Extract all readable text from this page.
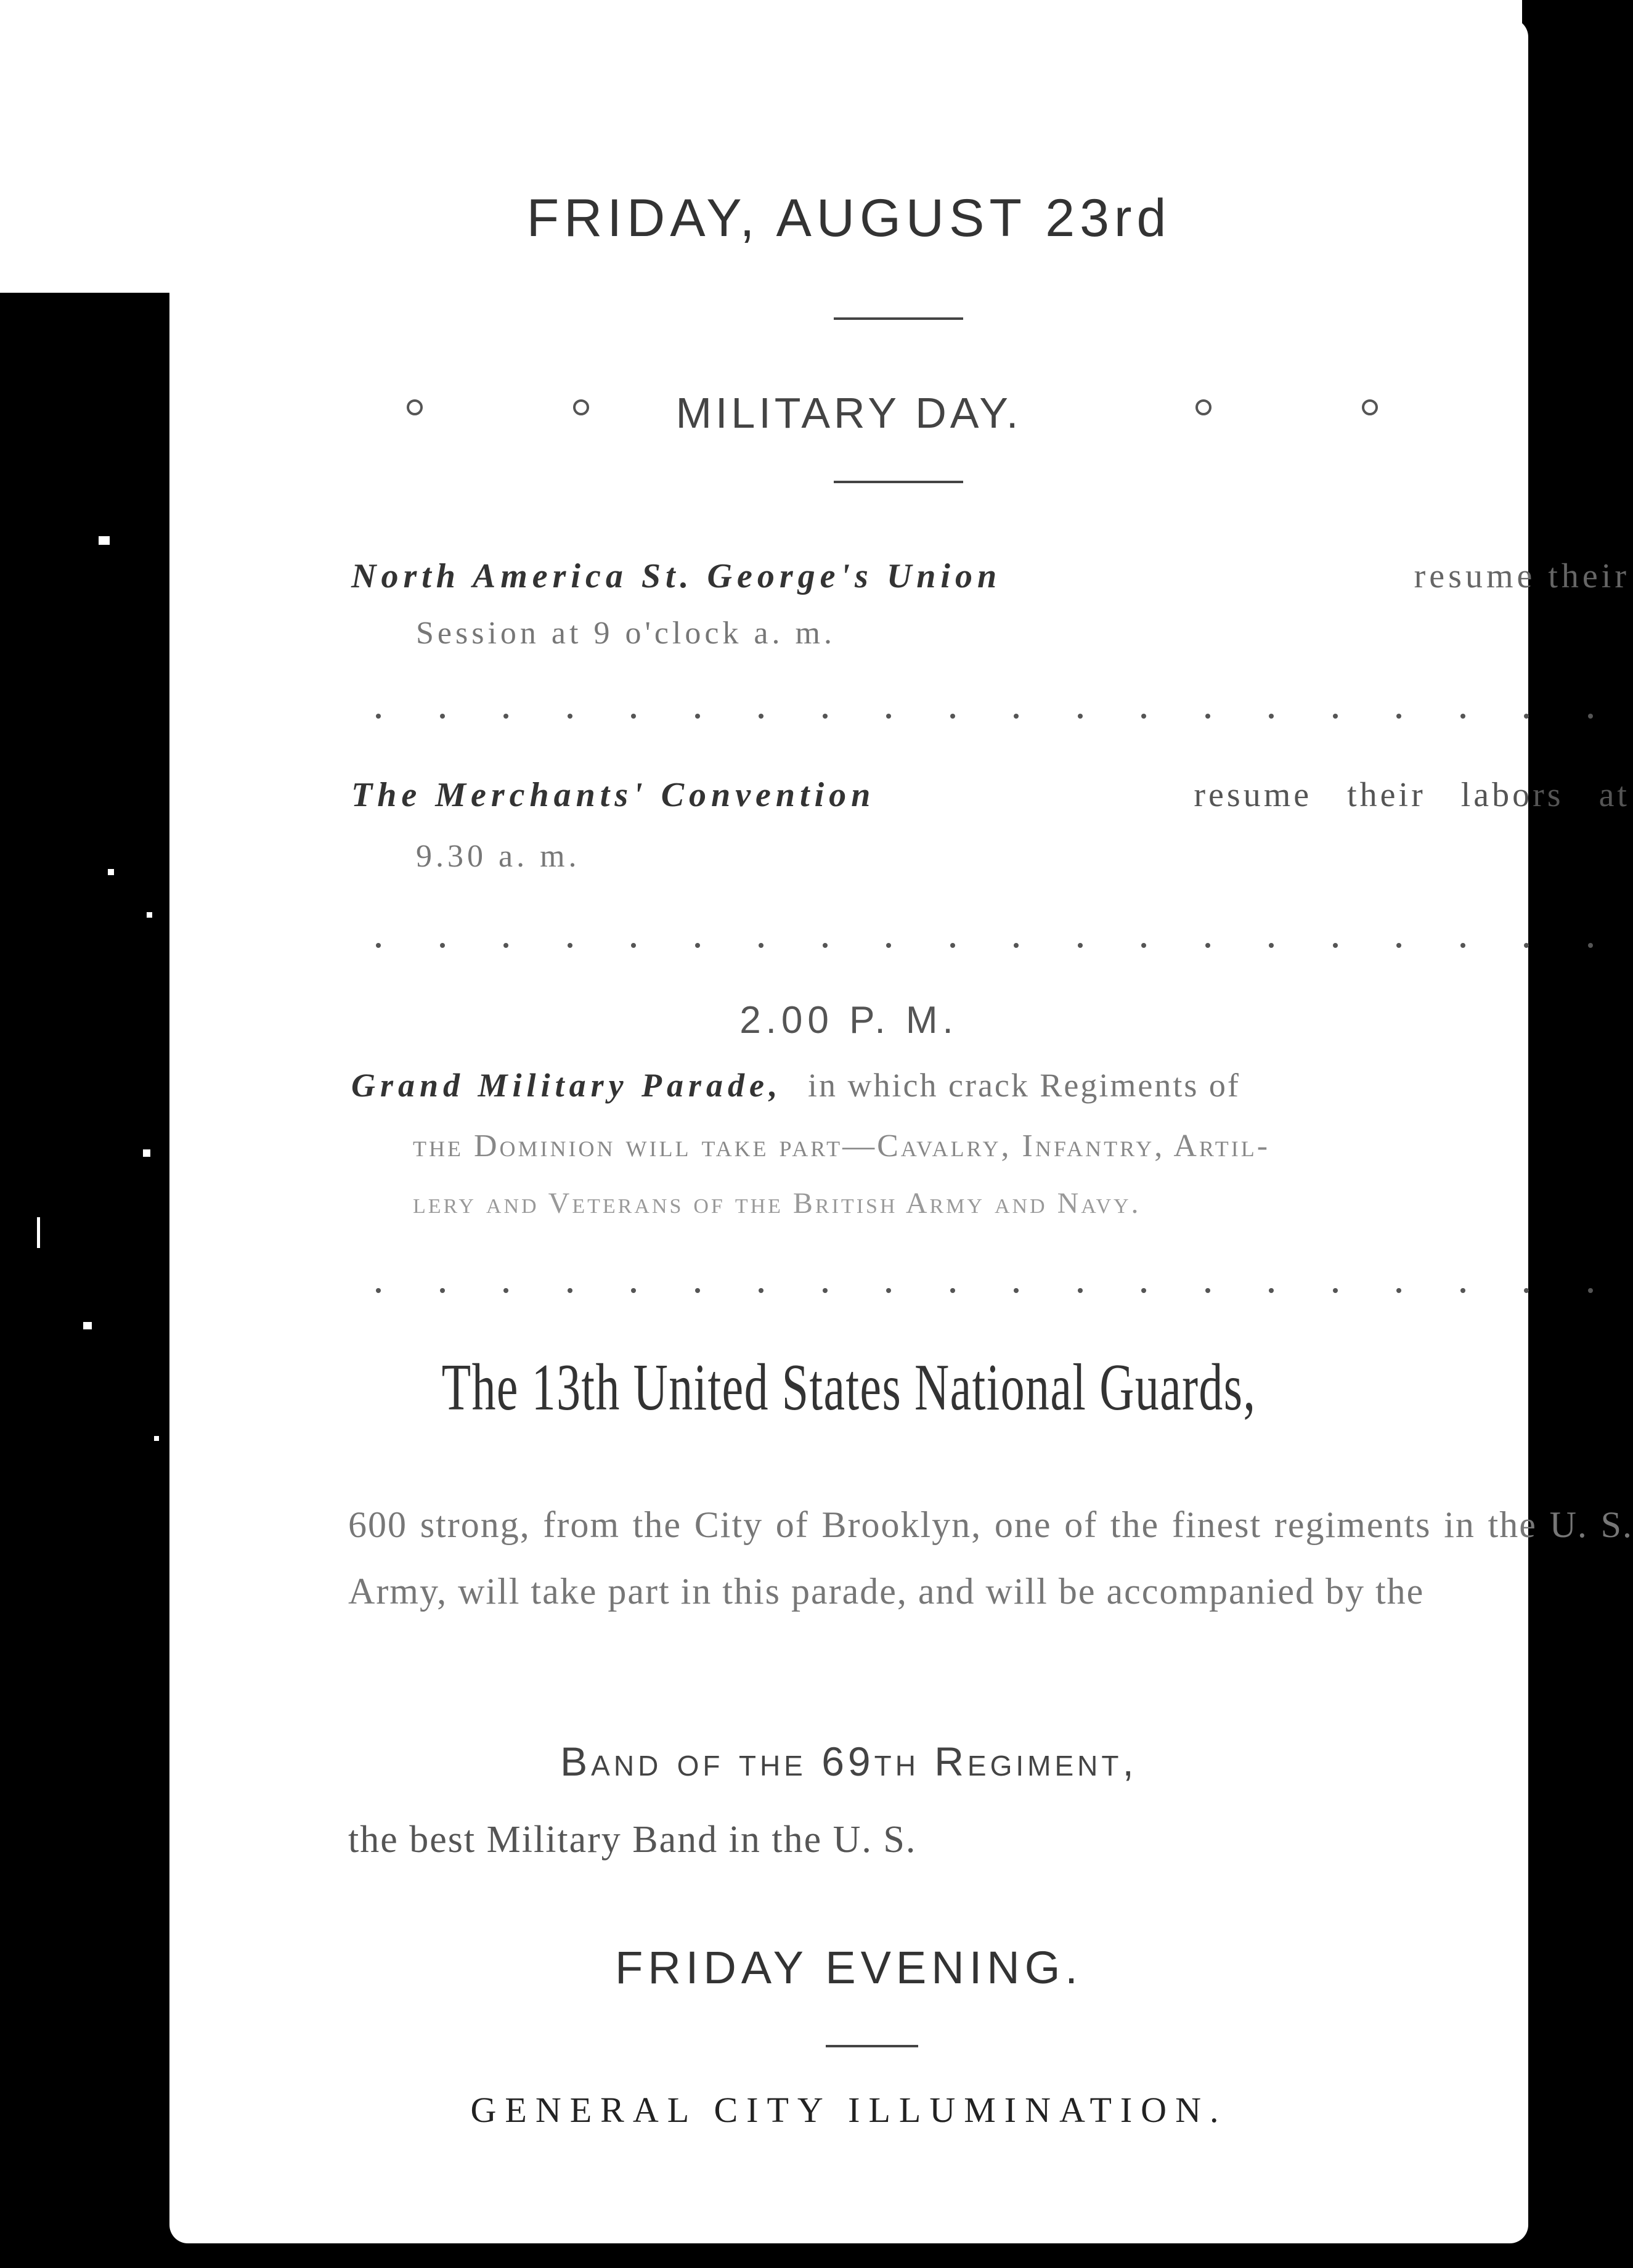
FRIDAY, AUGUST 23rd
MILITARY DAY.
North America St. George's Union	resume their
Session at 9 o'clock a. m.
The Merchants' Convention	resume their labors at
9.30 a. m.
2.00 P. M.
Grand Military Parade, in which crack Regiments of
the Dominion will take part—Cavalry, Infantry, Artil-
lery and Veterans of the British Army and Navy.
The 13th United States National Guards,
600 strong, from the City of Brooklyn, one of the finest regiments in the U. S. Army, will take part in this parade, and will be accompanied by the
Band of the 69th Regiment,
the best Military Band in the U. S.
FRIDAY EVENING.
GENERAL CITY ILLUMINATION.
